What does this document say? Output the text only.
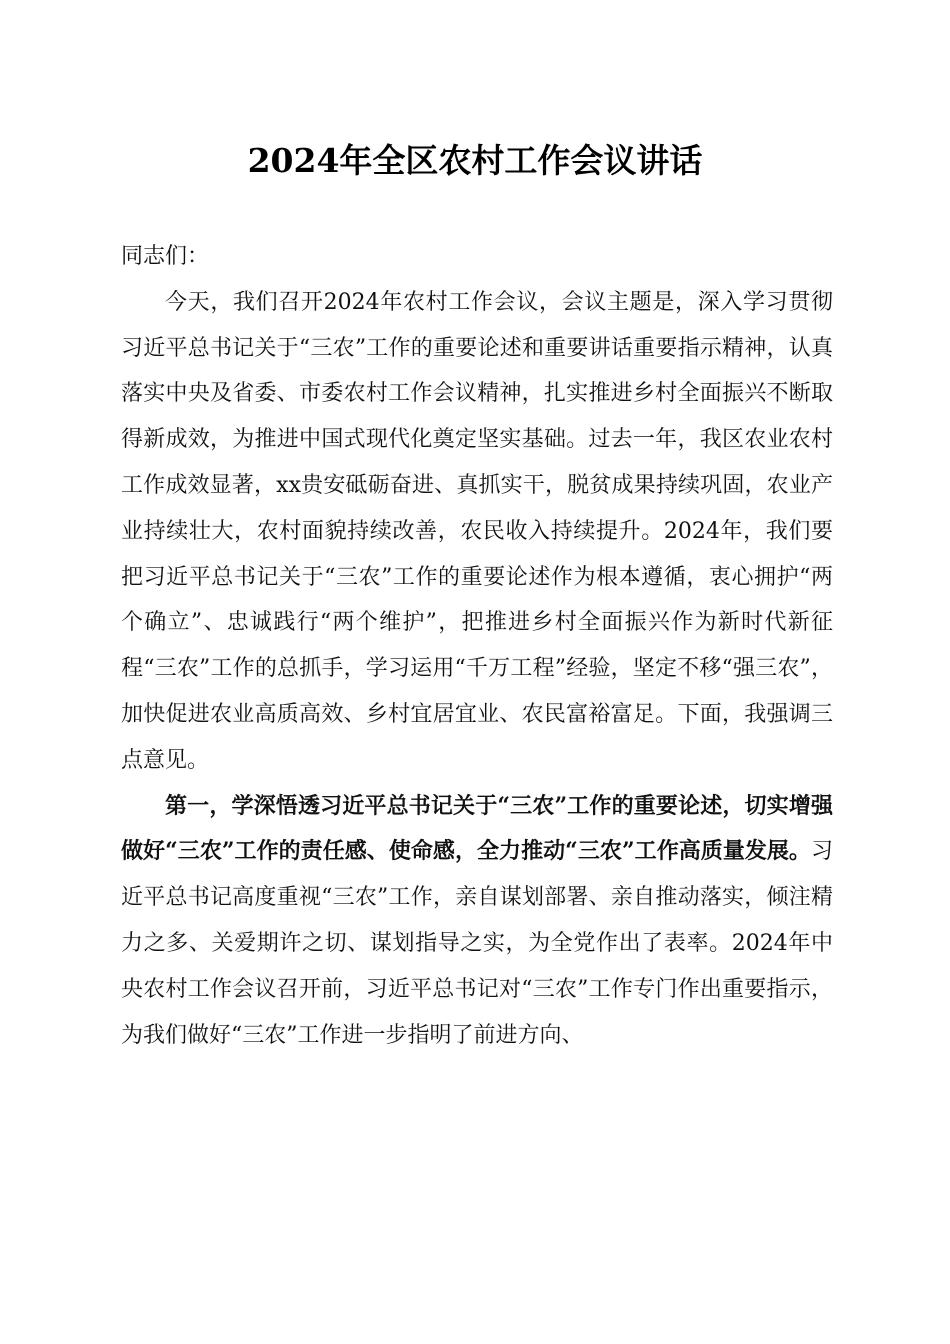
2024年全区农村工作会议讲话

同志们：

今天，我们召开2024年农村工作会议，会议主题是，深入学习贯彻习近平总书记关于“三农”工作的重要论述和重要讲话重要指示精神，认真落实中央及省委、市委农村工作会议精神，扎实推进乡村全面振兴不断取得新成效，为推进中国式现代化奠定坚实基础。过去一年，我区农业农村工作成效显著，xx贵安砥砺奋进、真抓实干，脱贫成果持续巩固，农业产业持续壮大，农村面貌持续改善，农民收入持续提升。2024年，我们要把习近平总书记关于“三农”工作的重要论述作为根本遵循，衷心拥护“两个确立”、忠诚践行“两个维护”，把推进乡村全面振兴作为新时代新征程“三农”工作的总抓手，学习运用“千万工程”经验，坚定不移“强三农”，加快促进农业高质高效、乡村宜居宜业、农民富裕富足。下面，我强调三点意见。

第一，学深悟透习近平总书记关于“三农”工作的重要论述，切实增强做好“三农”工作的责任感、使命感，全力推动“三农”工作高质量发展。习近平总书记高度重视“三农”工作，亲自谋划部署、亲自推动落实，倾注精力之多、关爱期许之切、谋划指导之实，为全党作出了表率。2024年中央农村工作会议召开前，习近平总书记对“三农”工作专门作出重要指示，为我们做好“三农”工作进一步指明了前进方向、
